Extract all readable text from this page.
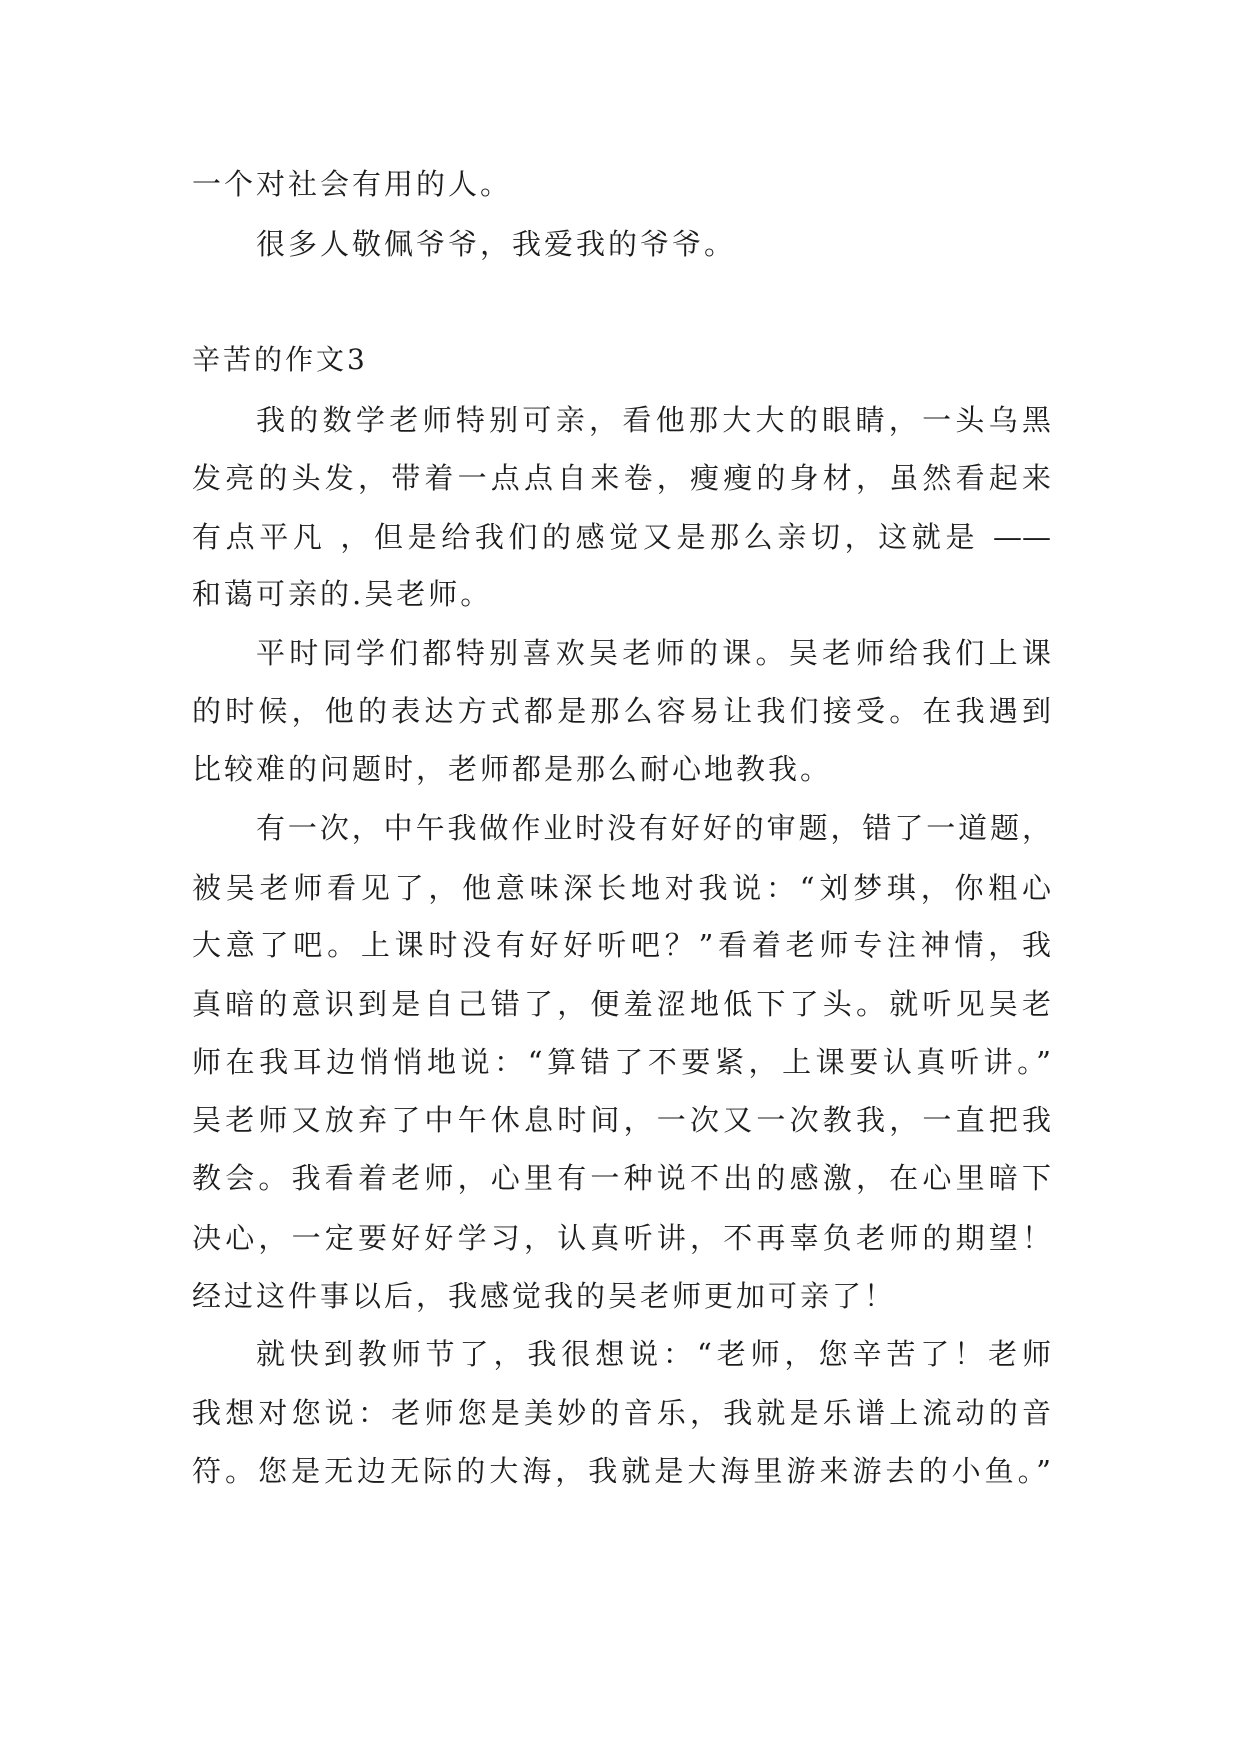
一个对社会有用的人。
很多人敬佩爷爷，我爱我的爷爷。
辛苦的作文3
我的数学老师特别可亲，看他那大大的眼睛，一头乌黑
发亮的头发，带着一点点自来卷，瘦瘦的身材，虽然看起来
有点平凡 ，但是给我们的感觉又是那么亲切，这就是 ——
和蔼可亲的.吴老师。
平时同学们都特别喜欢吴老师的课。吴老师给我们上课
的时候，他的表达方式都是那么容易让我们接受。在我遇到
比较难的问题时，老师都是那么耐心地教我。
有一次，中午我做作业时没有好好的审题，错了一道题，
被吴老师看见了，他意味深长地对我说：“刘梦琪，你粗心
大意了吧。上课时没有好好听吧？”看着老师专注神情，我
真暗的意识到是自己错了，便羞涩地低下了头。就听见吴老
师在我耳边悄悄地说：“算错了不要紧，上课要认真听讲。”
吴老师又放弃了中午休息时间，一次又一次教我，一直把我
教会。我看着老师，心里有一种说不出的感激，在心里暗下
决心，一定要好好学习，认真听讲，不再辜负老师的期望！
经过这件事以后，我感觉我的吴老师更加可亲了！
就快到教师节了，我很想说：“老师，您辛苦了！老师
我想对您说：老师您是美妙的音乐，我就是乐谱上流动的音
符。您是无边无际的大海，我就是大海里游来游去的小鱼。”
